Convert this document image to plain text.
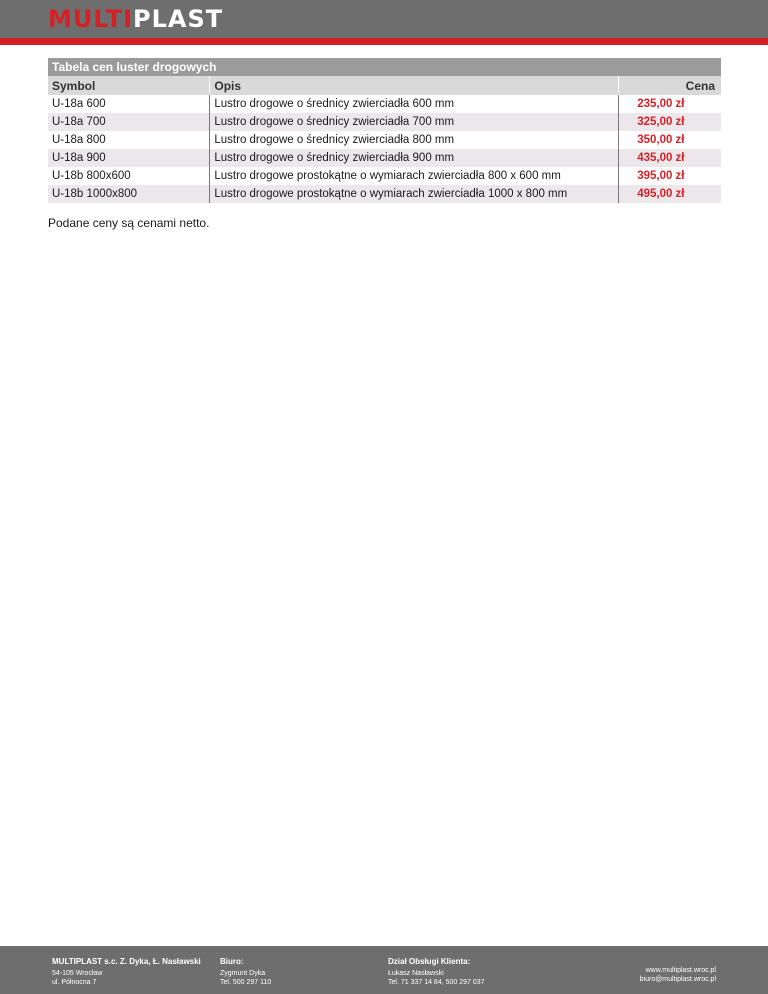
MULTIPLAST
Tabela cen luster drogowych		
Symbol	Opis	Cena
U-18a 600	Lustro drogowe o średnicy zwierciadła 600 mm	235,00 zł
U-18a 700	Lustro drogowe o średnicy zwierciadła 700 mm	325,00 zł
U-18a 800	Lustro drogowe o średnicy zwierciadła 800 mm	350,00 zł
U-18a 900	Lustro drogowe o średnicy zwierciadła 900 mm	435,00 zł
U-18b 800x600	Lustro drogowe prostokątne o wymiarach zwierciadła 800 x 600 mm	395,00 zł
U-18b 1000x800	Lustro drogowe prostokątne o wymiarach zwierciadła 1000 x 800 mm	495,00 zł
Podane ceny są cenami netto.
MULTIPLAST s.c. Z. Dyka, Ł. Nasławski
54-105 Wrocław
ul. Północna 7
Biuro:
Zygmunt Dyka
Tel. 500 297 110
Dział Obsługi Klienta:
Łukasz Nasławski
Tel. 71 337 14 84, 500 297 037
www.multiplast.wroc.pl
biuro@multiplast.wroc.pl
